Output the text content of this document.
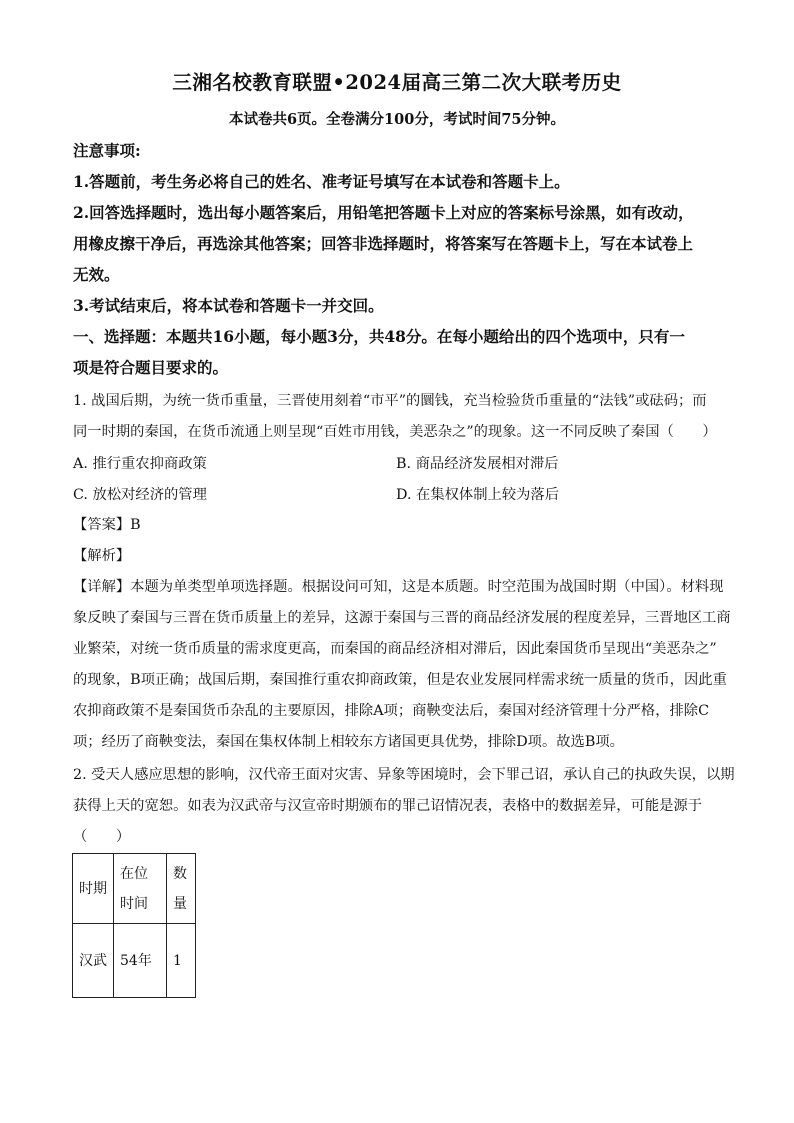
三湘名校教育联盟•2024届高三第二次大联考历史
本试卷共6页。全卷满分100分，考试时间75分钟。
注意事项:
1.答题前，考生务必将自己的姓名、准考证号填写在本试卷和答题卡上。
2.回答选择题时，选出每小题答案后，用铅笔把答题卡上对应的答案标号涂黑，如有改动，
用橡皮擦干净后，再选涂其他答案；回答非选择题时，将答案写在答题卡上，写在本试卷上
无效。
3.考试结束后，将本试卷和答题卡一并交回。
一、选择题：本题共16小题，每小题3分，共48分。在每小题给出的四个选项中，只有一
项是符合题目要求的。
1. 战国后期，为统一货币重量，三晋使用刻着“市平”的圜钱，充当检验货币重量的“法钱”或砝码；而
同一时期的秦国，在货币流通上则呈现“百姓市用钱，美恶杂之”的现象。这一不同反映了秦国（　　）
A. 推行重农抑商政策	B. 商品经济发展相对滞后
C. 放松对经济的管理	D. 在集权体制上较为落后
【答案】B
【解析】
【详解】本题为单类型单项选择题。根据设问可知，这是本质题。时空范围为战国时期（中国）。材料现
象反映了秦国与三晋在货币质量上的差异，这源于秦国与三晋的商品经济发展的程度差异，三晋地区工商
业繁荣，对统一货币质量的需求度更高，而秦国的商品经济相对滞后，因此秦国货币呈现出“美恶杂之”
的现象，B项正确；战国后期，秦国推行重农抑商政策，但是农业发展同样需求统一质量的货币，因此重
农抑商政策不是秦国货币杂乱的主要原因，排除A项；商鞅变法后，秦国对经济管理十分严格，排除C
项；经历了商鞅变法，秦国在集权体制上相较东方诸国更具优势，排除D项。故选B项。
2. 受天人感应思想的影响，汉代帝王面对灾害、异象等困境时，会下罪己诏，承认自己的执政失误，以期
获得上天的宽恕。如表为汉武帝与汉宣帝时期颁布的罪己诏情况表，表格中的数据差异，可能是源于
（　　）
时期	在位时间	数量
汉武	54年	1
